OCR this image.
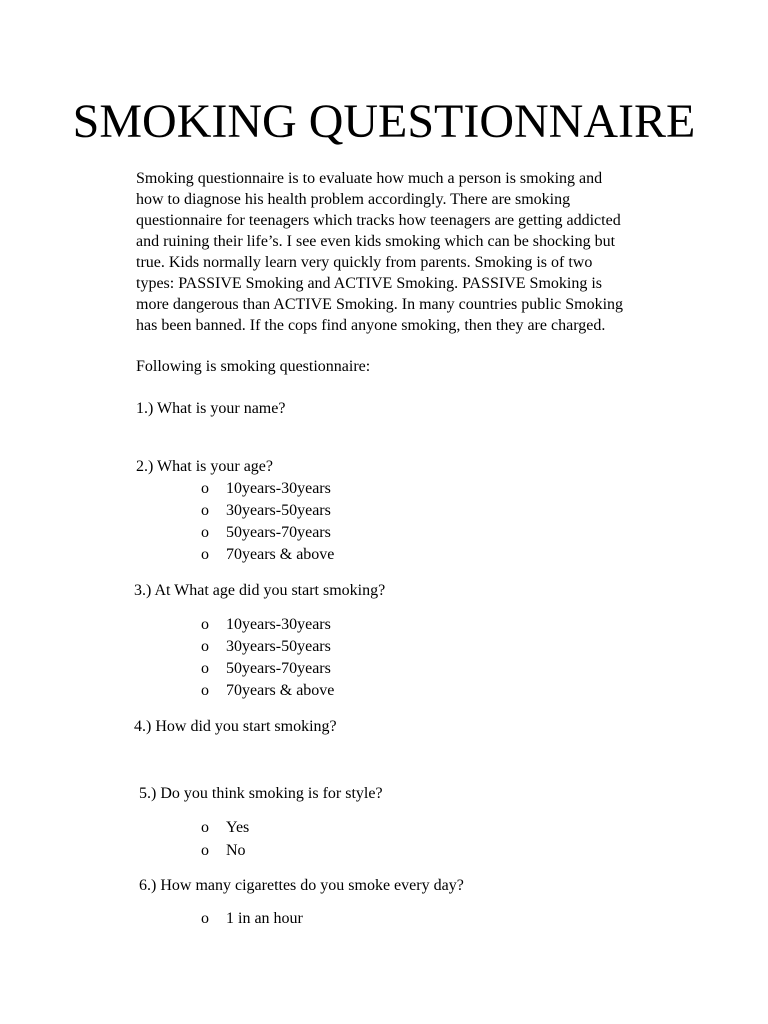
SMOKING QUESTIONNAIRE
Smoking questionnaire is to evaluate how much a person is smoking and
how to diagnose his health problem accordingly. There are smoking
questionnaire for teenagers which tracks how teenagers are getting addicted
and ruining their life’s. I see even kids smoking which can be shocking but
true. Kids normally learn very quickly from parents. Smoking is of two
types: PASSIVE Smoking and ACTIVE Smoking. PASSIVE Smoking is
more dangerous than ACTIVE Smoking. In many countries public Smoking
has been banned. If the cops find anyone smoking, then they are charged.
Following is smoking questionnaire:
1.) What is your name?
2.) What is your age?
o 10years-30years
o 30years-50years
o 50years-70years
o 70years & above
3.) At What age did you start smoking?
o 10years-30years
o 30years-50years
o 50years-70years
o 70years & above
4.) How did you start smoking?
5.) Do you think smoking is for style?
o Yes
o No
6.) How many cigarettes do you smoke every day?
o 1 in an hour
